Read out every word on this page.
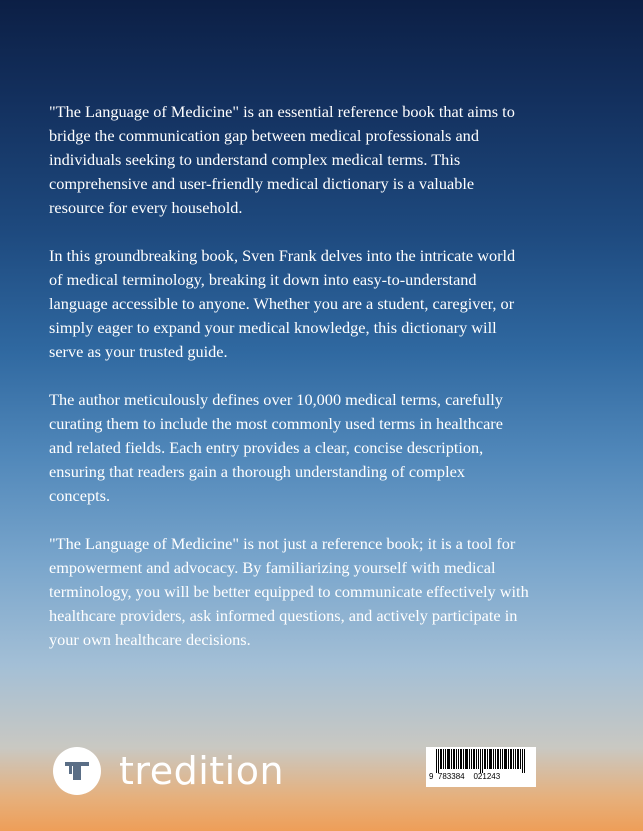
"The Language of Medicine" is an essential reference book that aims to bridge the communication gap between medical professionals and individuals seeking to understand complex medical terms. This comprehensive and user-friendly medical dictionary is a valuable resource for every household.

In this groundbreaking book, Sven Frank delves into the intricate world of medical terminology, breaking it down into easy-to-understand language accessible to anyone. Whether you are a student, caregiver, or simply eager to expand your medical knowledge, this dictionary will serve as your trusted guide.

The author meticulously defines over 10,000 medical terms, carefully curating them to include the most commonly used terms in healthcare and related fields. Each entry provides a clear, concise description, ensuring that readers gain a thorough understanding of complex concepts.

"The Language of Medicine" is not just a reference book; it is a tool for empowerment and advocacy. By familiarizing yourself with medical terminology, you will be better equipped to communicate effectively with healthcare providers, ask informed questions, and actively participate in your own healthcare decisions.

tredition	9  783384    021243
